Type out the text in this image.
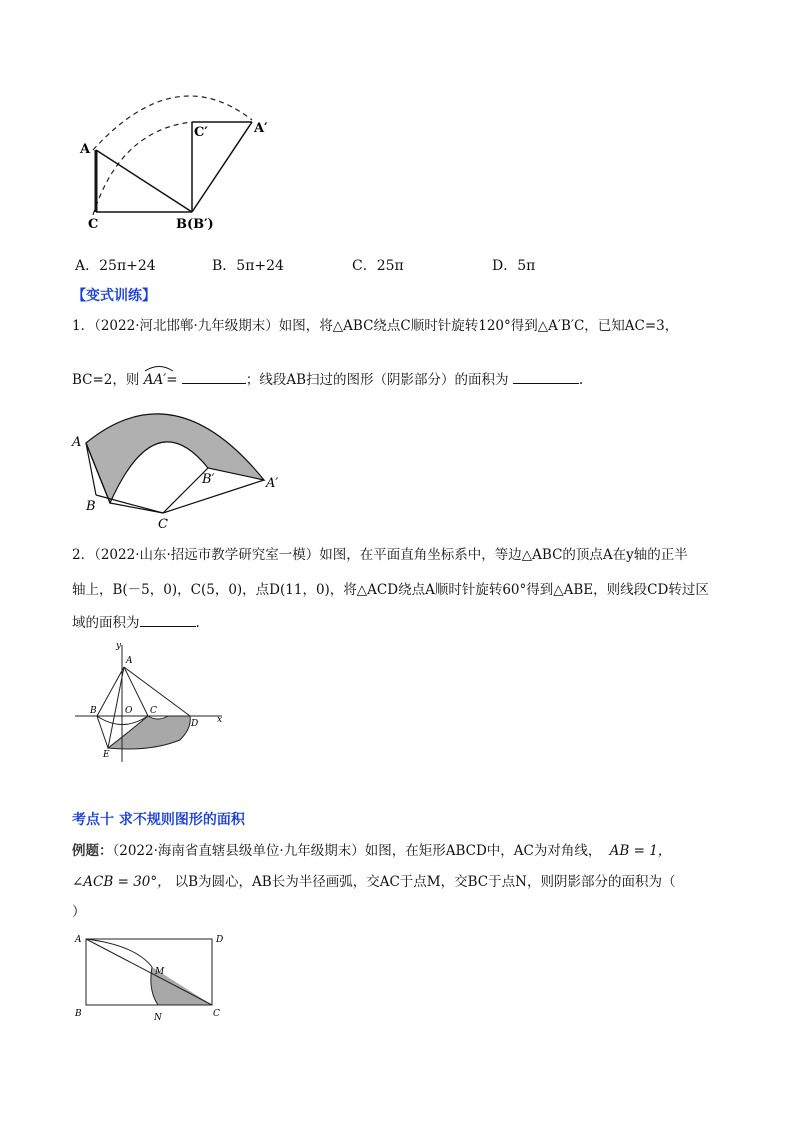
A
C	B(B′)
C′	A′
A．25π+24	B．5π+24	C．25π	D．5π
【变式训练】
1．（2022·河北邯郸·九年级期末）如图，将△ABC绕点C顺时针旋转120°得到△A′B′C，已知AC=3，
BC=2，则 AA′=	；线段AB扫过的图形（阴影部分）的面积为	.
A
B
C
B′	A′
2．（2022·山东·招远市教学研究室一模）如图，在平面直角坐标系中，等边△ABC的顶点A在y轴的正半
轴上，B(－5，0)，C(5，0)，点D(11，0)，将△ACD绕点A顺时针旋转60°得到△ABE，则线段CD转过区
域的面积为	.
y
A
B	O C
D x
E
考点十 求不规则图形的面积
例题：（2022·海南省直辖县级单位·九年级期末）如图，在矩形ABCD中，AC为对角线， AB = 1，
∠ACB = 30°， 以B为圆心，AB长为半径画弧，交AC于点M，交BC于点N，则阴影部分的面积为（
）
A	D
M
B	N	C
